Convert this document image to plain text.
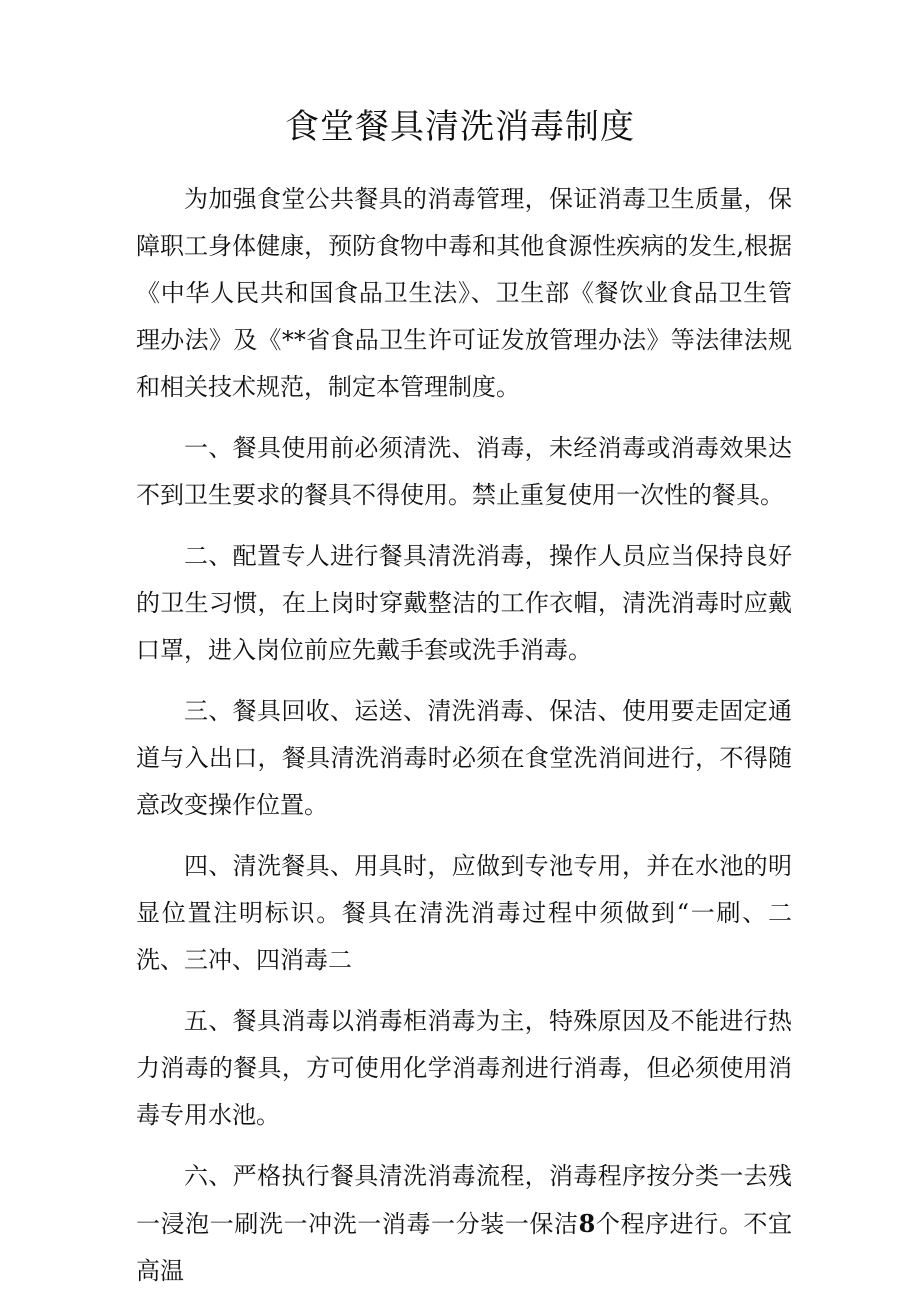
食堂餐具清洗消毒制度

为加强食堂公共餐具的消毒管理，保证消毒卫生质量，保障职工身体健康，预防食物中毒和其他食源性疾病的发生,根据《中华人民共和国食品卫生法》、卫生部《餐饮业食品卫生管理办法》及《**省食品卫生许可证发放管理办法》等法律法规和相关技术规范，制定本管理制度。

一、餐具使用前必须清洗、消毒，未经消毒或消毒效果达不到卫生要求的餐具不得使用。禁止重复使用一次性的餐具。

二、配置专人进行餐具清洗消毒，操作人员应当保持良好的卫生习惯，在上岗时穿戴整洁的工作衣帽，清洗消毒时应戴口罩，进入岗位前应先戴手套或洗手消毒。

三、餐具回收、运送、清洗消毒、保洁、使用要走固定通道与入出口，餐具清洗消毒时必须在食堂洗消间进行，不得随意改变操作位置。

四、清洗餐具、用具时，应做到专池专用，并在水池的明显位置注明标识。餐具在清洗消毒过程中须做到“一刷、二洗、三冲、四消毒二

五、餐具消毒以消毒柜消毒为主，特殊原因及不能进行热力消毒的餐具，方可使用化学消毒剂进行消毒，但必须使用消毒专用水池。

六、严格执行餐具清洗消毒流程，消毒程序按分类一去残一浸泡一刷洗一冲洗一消毒一分装一保洁8个程序进行。不宜高温
